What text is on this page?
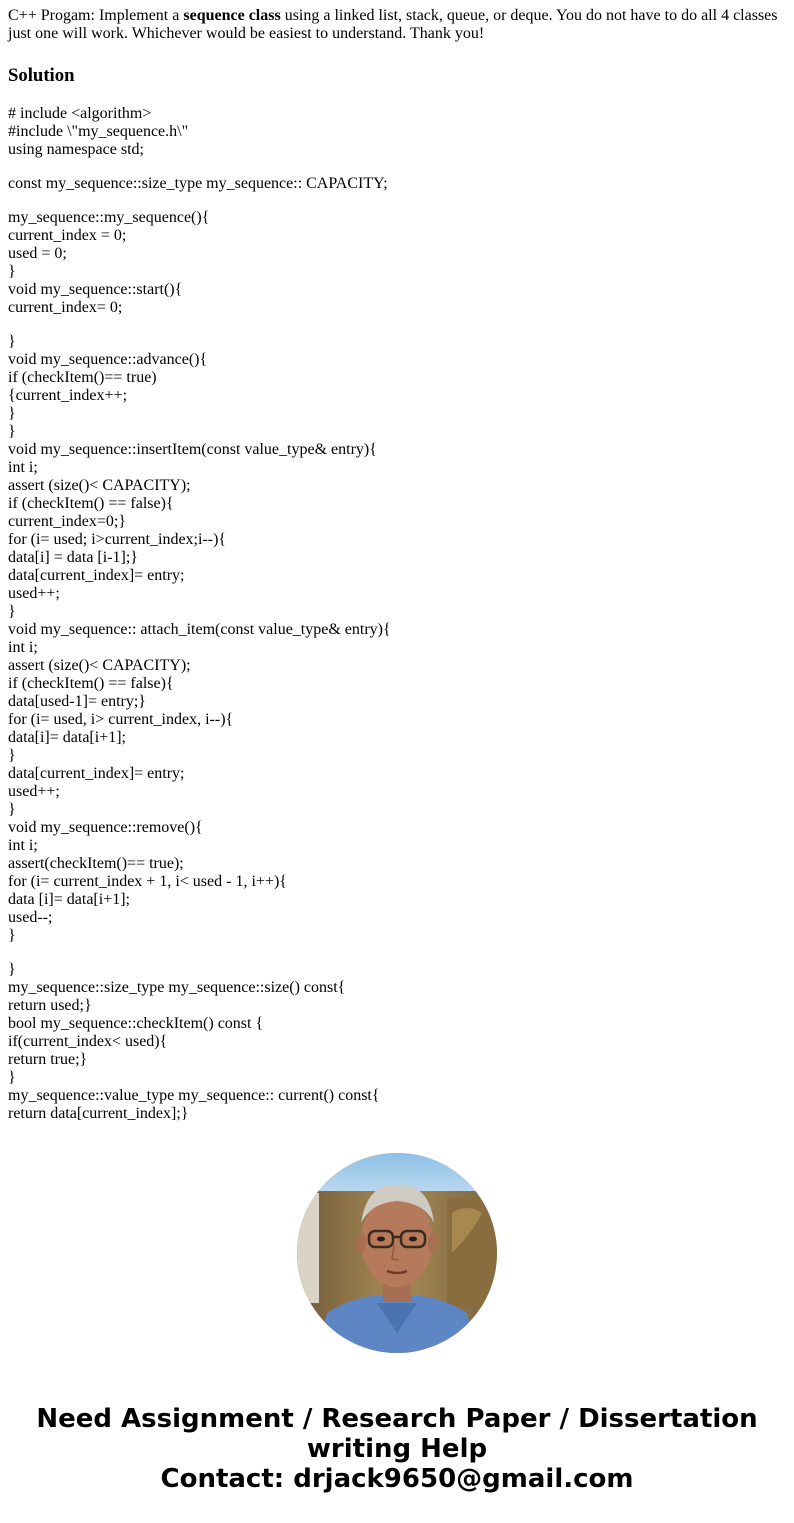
C++ Progam: Implement a sequence class using a linked list, stack, queue, or deque. You do not have to do all 4 classes just one will work. Whichever would be easiest to understand. Thank you!

Solution
# include <algorithm>
#include \"my_sequence.h\"
using namespace std;
const my_sequence::size_type my_sequence:: CAPACITY;
my_sequence::my_sequence(){
current_index = 0;
used = 0;
}
void my_sequence::start(){
current_index= 0;
}
void my_sequence::advance(){
if (checkItem()== true)
{current_index++;
}
}
void my_sequence::insertItem(const value_type& entry){
int i;
assert (size()< CAPACITY);
if (checkItem() == false){
current_index=0;}
for (i= used; i>current_index;i--){
data[i] = data [i-1];}
data[current_index]= entry;
used++;
}
void my_sequence:: attach_item(const value_type& entry){
int i;
assert (size()< CAPACITY);
if (checkItem() == false){
data[used-1]= entry;}
for (i= used, i> current_index, i--){
data[i]= data[i+1];
}
data[current_index]= entry;
used++;
}
void my_sequence::remove(){
int i;
assert(checkItem()== true);
for (i= current_index + 1, i< used - 1, i++){
data [i]= data[i+1];
used--;
}
}
my_sequence::size_type my_sequence::size() const{
return used;}
bool my_sequence::checkItem() const {
if(current_index< used){
return true;}
}
my_sequence::value_type my_sequence:: current() const{
return data[current_index];}
Need Assignment / Research Paper / Dissertation
writing Help
Contact: drjack9650@gmail.com
